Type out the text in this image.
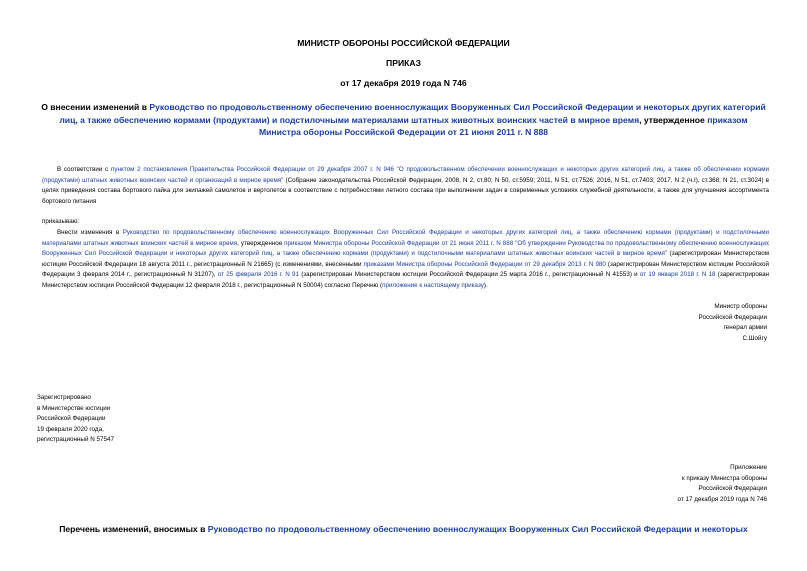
МИНИСТР ОБОРОНЫ РОССИЙСКОЙ ФЕДЕРАЦИИ

ПРИКАЗ

от 17 декабря 2019 года N 746

О внесении изменений в Руководство по продовольственному обеспечению военнослужащих Вооруженных Сил Российской Федерации и некоторых других категорий лиц, а также обеспечению кормами (продуктами) и подстилочными материалами штатных животных воинских частей в мирное время, утвержденное приказом Министра обороны Российской Федерации от 21 июня 2011 г. N 888

В соответствии с пунктом 2 постановления Правительства Российской Федерации от 29 декабря 2007 г. N 946 "О продовольственном обеспечении военнослужащих и некоторых других категорий лиц, а также об обеспечении кормами (продуктами) штатных животных воинских частей и организаций в мирное время" (Собрание законодательства Российской Федерации, 2008, N 2, ст.80; N 50, ст.5959; 2011, N 51, ст.7526; 2016, N 51, ст.7403; 2017, N 2 (ч.I), ст.368; N 21, ст.3024) в целях приведения состава бортового пайка для экипажей самолетов и вертолетов в соответствие с потребностями летного состава при выполнении задач в современных условиях служебной деятельности, а также для улучшения ассортимента бортового питания

приказываю:

Внести изменения в Руководство по продовольственному обеспечению военнослужащих Вооруженных Сил Российской Федерации и некоторых других категорий лиц, а также обеспечению кормами (продуктами) и подстилочными материалами штатных животных воинских частей в мирное время, утвержденное приказом Министра обороны Российской Федерации от 21 июня 2011 г. N 888 "Об утверждении Руководства по продовольственному обеспечению военнослужащих Вооруженных Сил Российской Федерации и некоторых других категорий лиц, а также обеспечению кормами (продуктами) и подстилочными материалами штатных животных воинских частей в мирное время" (зарегистрирован Министерством юстиции Российской Федерации 18 августа 2011 г., регистрационный N 21665) (с изменениями, внесенными приказами Министра обороны Российской Федерации от 29 декабря 2013 г. N 980 (зарегистрирован Министерством юстиции Российской Федерации 3 февраля 2014 г., регистрационный N 31207), от 25 февраля 2016 г. N 91 (зарегистрирован Министерством юстиции Российской Федерации 25 марта 2016 г., регистрационный N 41553) и от 19 января 2018 г. N 18 (зарегистрирован Министерством юстиции Российской Федерации 12 февраля 2018 г., регистрационный N 50004) согласно Перечню (приложение к настоящему приказу).

Министр обороны
Российской Федерации
генерал армии
С.Шойгу
Зарегистрировано
в Министерстве юстиции
Российской Федерации
19 февраля 2020 года,
регистрационный N 57547
Приложение
к приказу Министра обороны
Российской Федерации
от 17 декабря 2019 года N 746

Перечень изменений, вносимых в Руководство по продовольственному обеспечению военнослужащих Вооруженных Сил Российской Федерации и некоторых
